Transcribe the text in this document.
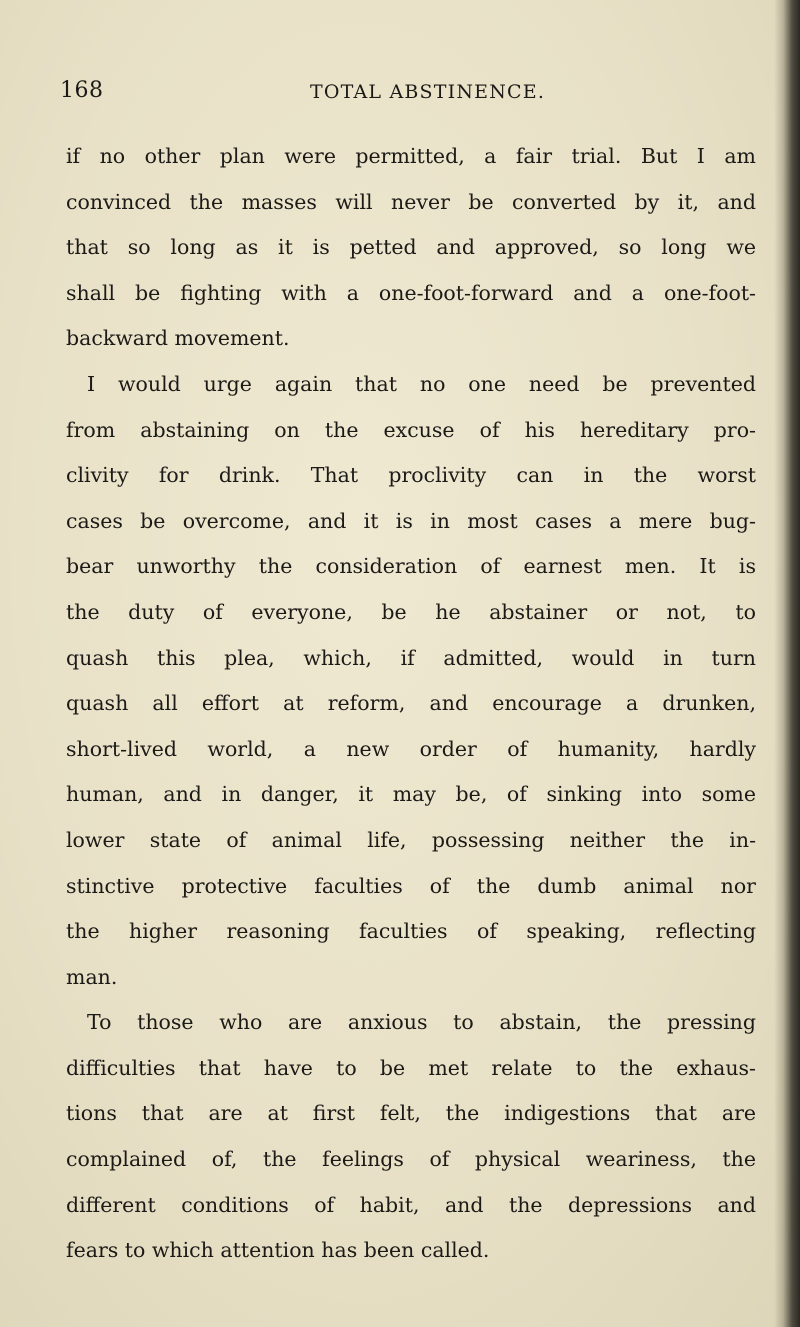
168	TOTAL ABSTINENCE.
if no other plan were permitted, a fair trial. But I am
convinced the masses will never be converted by it, and
that so long as it is petted and approved, so long we
shall be fighting with a one-foot-forward and a one-foot-
backward movement.
I would urge again that no one need be prevented
from abstaining on the excuse of his hereditary pro-
clivity for drink. That proclivity can in the worst
cases be overcome, and it is in most cases a mere bug-
bear unworthy the consideration of earnest men. It is
the duty of everyone, be he abstainer or not, to
quash this plea, which, if admitted, would in turn
quash all effort at reform, and encourage a drunken,
short-lived world, a new order of humanity, hardly
human, and in danger, it may be, of sinking into some
lower state of animal life, possessing neither the in-
stinctive protective faculties of the dumb animal nor
the higher reasoning faculties of speaking, reflecting
man.
To those who are anxious to abstain, the pressing
difficulties that have to be met relate to the exhaus-
tions that are at first felt, the indigestions that are
complained of, the feelings of physical weariness, the
different conditions of habit, and the depressions and
fears to which attention has been called.
